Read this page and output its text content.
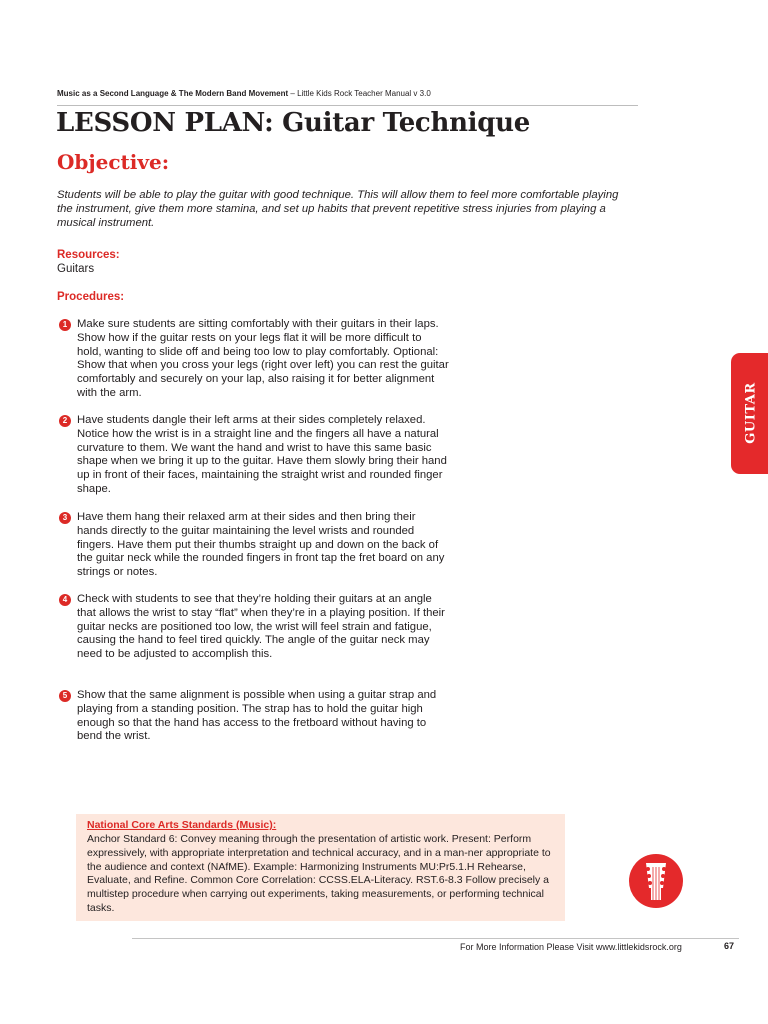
Music as a Second Language & The Modern Band Movement – Little Kids Rock Teacher Manual v 3.0
LESSON PLAN: Guitar Technique
Objective:
Students will be able to play the guitar with good technique. This will allow them to feel more comfortable playing the instrument, give them more stamina, and set up habits that prevent repetitive stress injuries from playing a musical instrument.
Resources:
Guitars
Procedures:
1 Make sure students are sitting comfortably with their guitars in their laps. Show how if the guitar rests on your legs flat it will be more difficult to hold, wanting to slide off and being too low to play comfortably. Optional: Show that when you cross your legs (right over left) you can rest the guitar comfortably and securely on your lap, also raising it for better alignment with the arm.
2 Have students dangle their left arms at their sides completely relaxed. Notice how the wrist is in a straight line and the fingers all have a natural curvature to them. We want the hand and wrist to have this same basic shape when we bring it up to the guitar. Have them slowly bring their hand up in front of their faces, maintaining the straight wrist and rounded finger shape.
3 Have them hang their relaxed arm at their sides and then bring their hands directly to the guitar maintaining the level wrists and rounded fingers. Have them put their thumbs straight up and down on the back of the guitar neck while the rounded fingers in front tap the fret board on any strings or notes.
4 Check with students to see that they’re holding their guitars at an angle that allows the wrist to stay “flat” when they’re in a playing position. If their guitar necks are positioned too low, the wrist will feel strain and fatigue, causing the hand to feel tired quickly. The angle of the guitar neck may need to be adjusted to accomplish this.
5 Show that the same alignment is possible when using a guitar strap and playing from a standing position. The strap has to hold the guitar high enough so that the hand has access to the fretboard without having to bend the wrist.
GUITAR
National Core Arts Standards (Music):
Anchor Standard 6: Convey meaning through the presentation of artistic work. Present: Perform expressively, with appropriate interpretation and technical accuracy, and in a man-ner appropriate to the audience and context (NAfME). Example: Harmonizing Instruments MU:Pr5.1.H Rehearse, Evaluate, and Refine. Common Core Correlation: CCSS.ELA-Literacy. RST.6-8.3 Follow precisely a multistep procedure when carrying out experiments, taking measurements, or performing technical tasks.
For More Information Please Visit www.littlekidsrock.org	67
